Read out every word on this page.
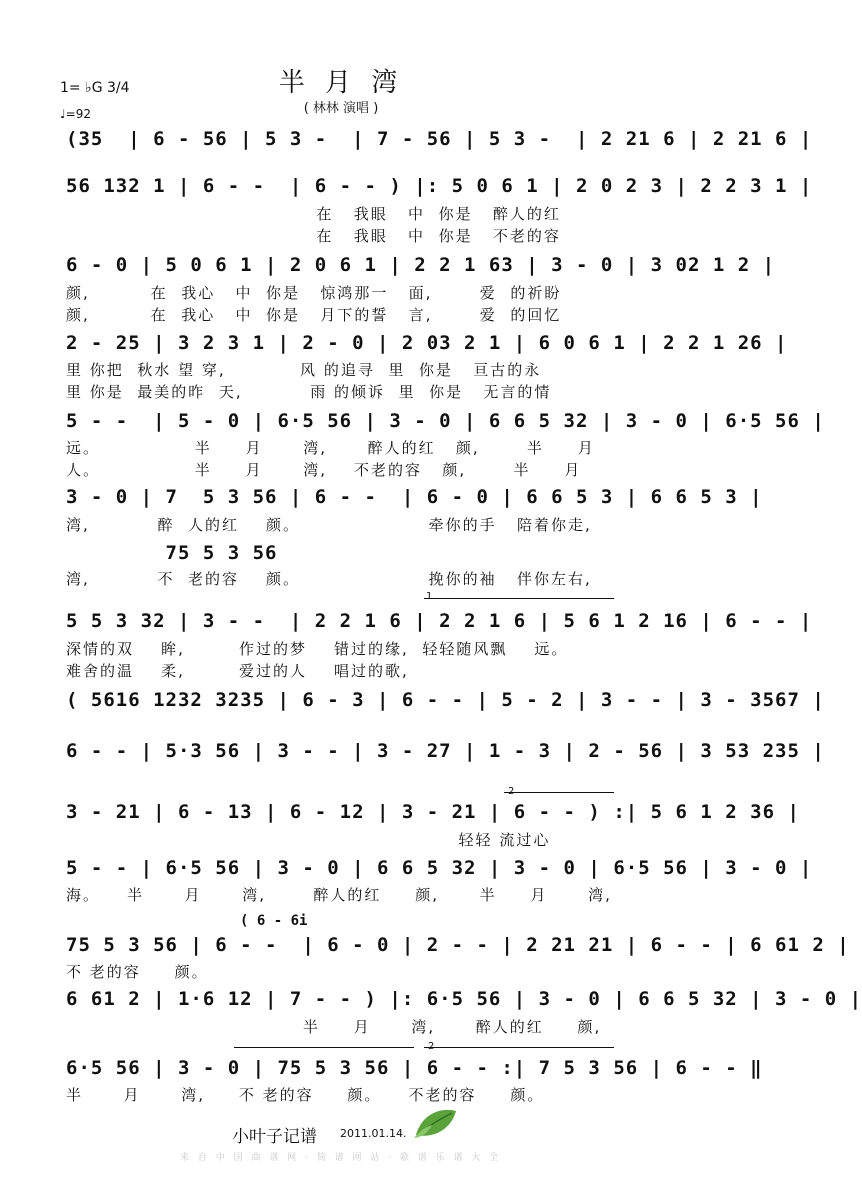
半 月 湾
( 林林 演唱 )
1= ♭G 3/4
♩=92
(35  | 6 - 56 | 5 3 -  | 7 - 56 | 5 3 -  | 2 21 6 | 2 21 6 |
56 132 1 | 6 - -  | 6 - - ) |: 5 0 6 1 | 2 0 2 3 | 2 2 3 1 |
在   我眼   中  你是   醉人的红
在   我眼   中  你是   不老的容
6 - 0 | 5 0 6 1 | 2 0 6 1 | 2 2 1 63 | 3 - 0 | 3 02 1 2 |
颜,         在  我心   中  你是   惊鸿那一   面,       爱  的祈盼
颜,         在  我心   中  你是   月下的誓   言,       爱  的回忆
2 - 25 | 3 2 3 1 | 2 - 0 | 2 03 2 1 | 6 0 6 1 | 2 2 1 26 |
里 你把  秋水 望 穿,           风 的追寻  里  你是   亘古的永
里 你是  最美的昨  天,          雨 的倾诉  里  你是   无言的情
5 - -  | 5 - 0 | 6·5 56 | 3 - 0 | 6 6 5 32 | 3 - 0 | 6·5 56 |
远。              半     月      湾,      醉人的红   颜,       半     月
人。              半     月      湾,    不老的容   颜,       半     月
3 - 0 | 7  5 3 56 | 6 - -  | 6 - 0 | 6 6 5 3 | 6 6 5 3 |
湾,          醉  人的红    颜。                   牵你的手   陪着你走,
75 5 3 56
湾,          不  老的容    颜。                   挽你的袖   伴你左右,
1
5 5 3 32 | 3 - -  | 2 2 1 6 | 2 2 1 6 | 5 6 1 2 16 | 6 - - |
深情的双    眸,        作过的梦    错过的缘,  轻轻随风飘    远。
难舍的温    柔,        爱过的人    唱过的歌,
( 5616 1232 3235 | 6 - 3 | 6 - - | 5 - 2 | 3 - - | 3 - 3567 |
6 - - | 5·3 56 | 3 - - | 3 - 27 | 1 - 3 | 2 - 56 | 3 53 235 |
2
3 - 21 | 6 - 13 | 6 - 12 | 3 - 21 | 6 - - ) :| 5 6 1 2 36 |
轻轻 流过心
5 - - | 6·5 56 | 3 - 0 | 6 6 5 32 | 3 - 0 | 6·5 56 | 3 - 0 |
海。    半      月      湾,       醉人的红     颜,      半     月      湾,
( 6 - 6i
75 5 3 56 | 6 - -  | 6 - 0 | 2 - - | 2 21 21 | 6 - - | 6 61 2 |
不 老的容     颜。
6 61 2 | 1·6 12 | 7 - - ) |: 6·5 56 | 3 - 0 | 6 6 5 32 | 3 - 0 |
半     月      湾,      醉人的红     颜,
2
6·5 56 | 3 - 0 | 75 5 3 56 | 6 - - :| 7 5 3 56 | 6 - - ‖
半      月      湾,     不 老的容     颜。    不老的容     颜。
小叶子记谱 2011.01.14.
来 自 中 国 曲 谱 网 · 简 谱 网 站 · 歌 谱 乐 谱 大 全
